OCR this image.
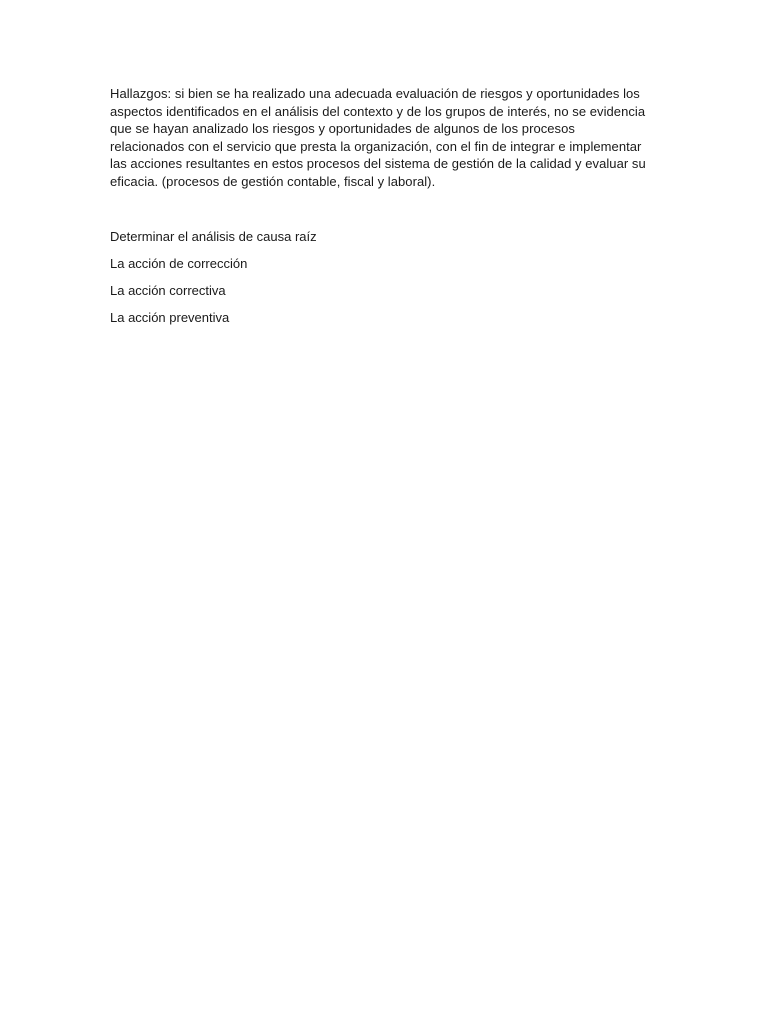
Hallazgos: si bien se ha realizado una adecuada evaluación de riesgos y oportunidades los aspectos identificados en el análisis del contexto y de los grupos de interés, no se evidencia que se hayan analizado los riesgos y oportunidades de algunos de los procesos relacionados con el servicio que presta la organización, con el fin de integrar e implementar las acciones resultantes en estos procesos del sistema de gestión de la calidad y evaluar su eficacia. (procesos de gestión contable, fiscal y laboral).

Determinar el análisis de causa raíz

La acción de corrección

La acción correctiva

La acción preventiva
